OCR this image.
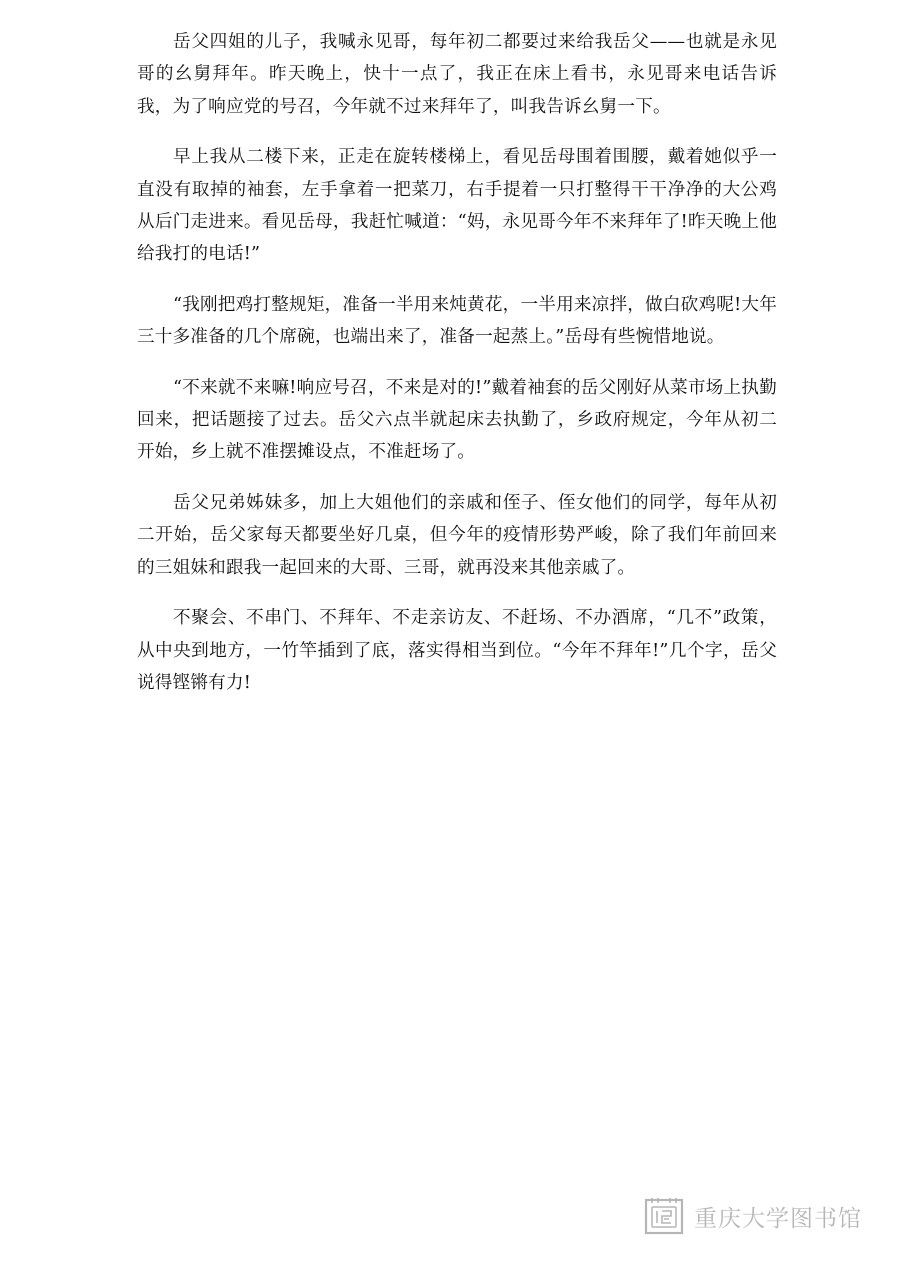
岳父四姐的儿子，我喊永见哥，每年初二都要过来给我岳父——也就是永见哥的幺舅拜年。昨天晚上，快十一点了，我正在床上看书，永见哥来电话告诉我，为了响应党的号召，今年就不过来拜年了，叫我告诉幺舅一下。

早上我从二楼下来，正走在旋转楼梯上，看见岳母围着围腰，戴着她似乎一直没有取掉的袖套，左手拿着一把菜刀，右手提着一只打整得干干净净的大公鸡从后门走进来。看见岳母，我赶忙喊道：“妈，永见哥今年不来拜年了!昨天晚上他给我打的电话!”

“我刚把鸡打整规矩，准备一半用来炖黄花，一半用来凉拌，做白砍鸡呢!大年三十多准备的几个席碗，也端出来了，准备一起蒸上。”岳母有些惋惜地说。

“不来就不来嘛!响应号召，不来是对的!”戴着袖套的岳父刚好从菜市场上执勤回来，把话题接了过去。岳父六点半就起床去执勤了，乡政府规定，今年从初二开始，乡上就不准摆摊设点，不准赶场了。

岳父兄弟姊妹多，加上大姐他们的亲戚和侄子、侄女他们的同学，每年从初二开始，岳父家每天都要坐好几桌，但今年的疫情形势严峻，除了我们年前回来的三姐妹和跟我一起回来的大哥、三哥，就再没来其他亲戚了。

不聚会、不串门、不拜年、不走亲访友、不赶场、不办酒席，“几不”政策，从中央到地方，一竹竿插到了底，落实得相当到位。“今年不拜年!”几个字，岳父说得铿锵有力!

重庆大学图书馆
